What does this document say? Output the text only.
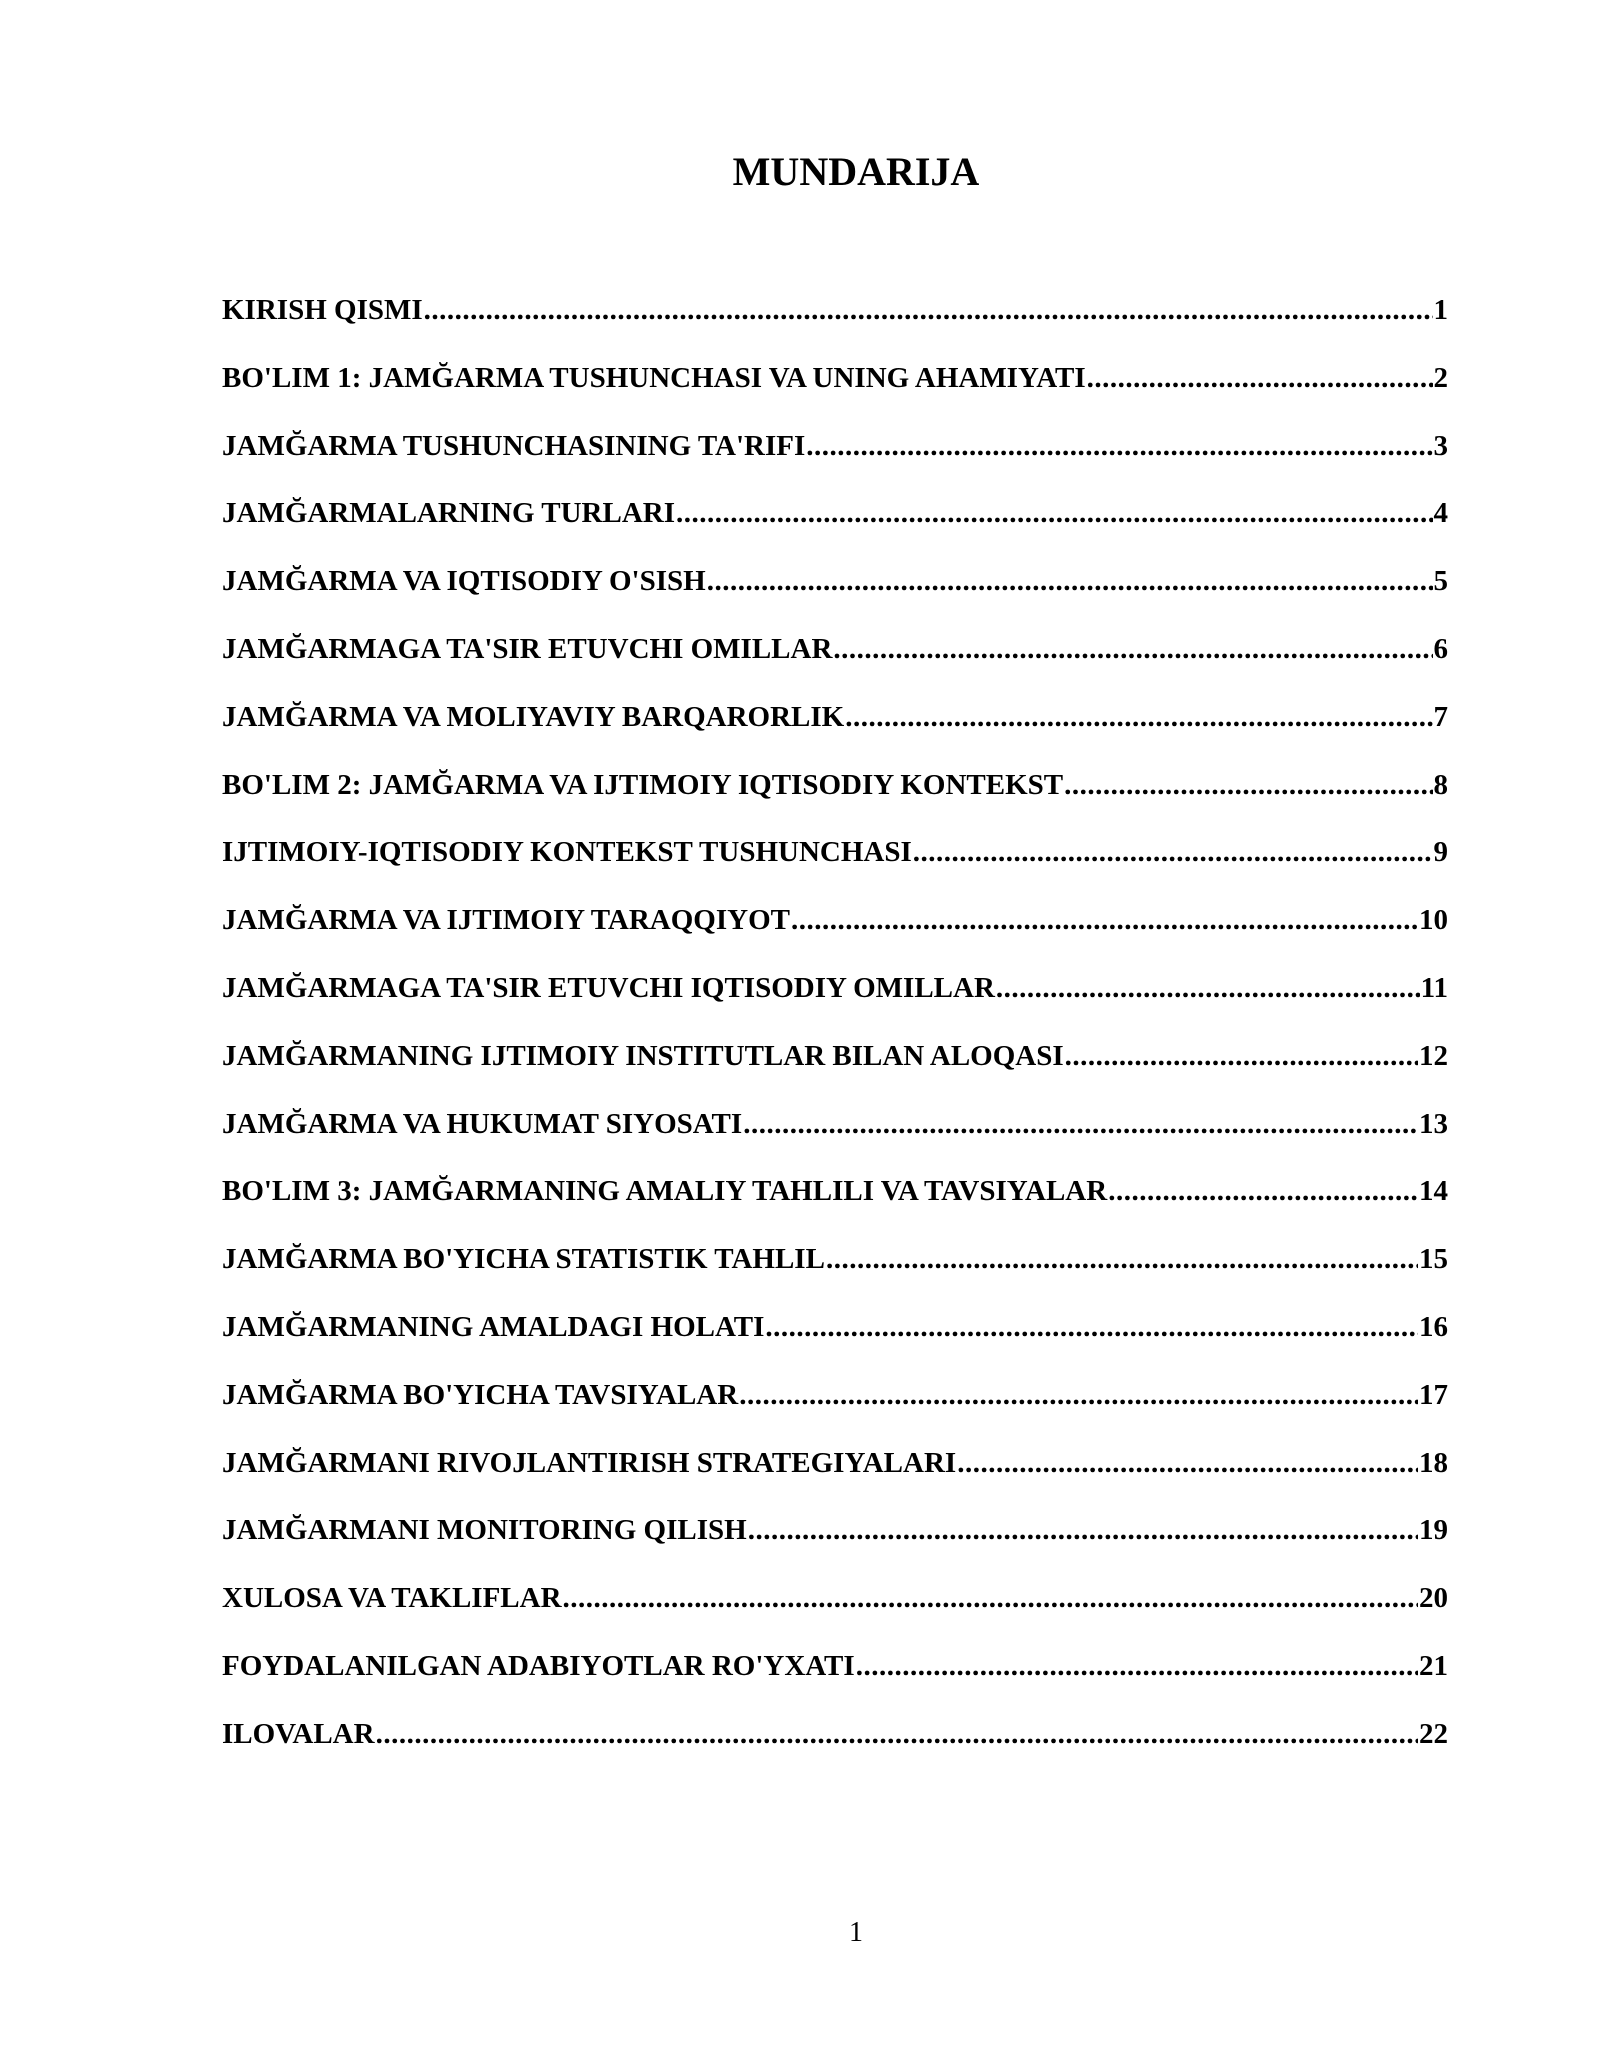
MUNDARIJA
KIRISH QISMI .....	1
BO'LIM 1: JAMĞARMA TUSHUNCHASI VA UNING AHAMIYATI .....	2
JAMĞARMA TUSHUNCHASINING TA'RIFI .....	3
JAMĞARMALARNING TURLARI .....	4
JAMĞARMA VA IQTISODIY O'SISH .....	5
JAMĞARMAGA TA'SIR ETUVCHI OMILLAR .....	6
JAMĞARMA VA MOLIYAVIY BARQARORLIK .....	7
BO'LIM 2: JAMĞARMA VA IJTIMOIY IQTISODIY KONTEKST .....	8
IJTIMOIY-IQTISODIY KONTEKST TUSHUNCHASI .....	9
JAMĞARMA VA IJTIMOIY TARAQQIYOT .....	10
JAMĞARMAGA TA'SIR ETUVCHI IQTISODIY OMILLAR .....	11
JAMĞARMANING IJTIMOIY INSTITUTLAR BILAN ALOQASI .....	12
JAMĞARMA VA HUKUMAT SIYOSATI .....	13
BO'LIM 3: JAMĞARMANING AMALIY TAHLILI VA TAVSIYALAR .....	14
JAMĞARMA BO'YICHA STATISTIK TAHLIL .....	15
JAMĞARMANING AMALDAGI HOLATI .....	16
JAMĞARMA BO'YICHA TAVSIYALAR .....	17
JAMĞARMANI RIVOJLANTIRISH STRATEGIYALARI .....	18
JAMĞARMANI MONITORING QILISH .....	19
XULOSA VA TAKLIFLAR .....	20
FOYDALANILGAN ADABIYOTLAR RO'YXATI .....	21
ILOVALAR .....	22
1
